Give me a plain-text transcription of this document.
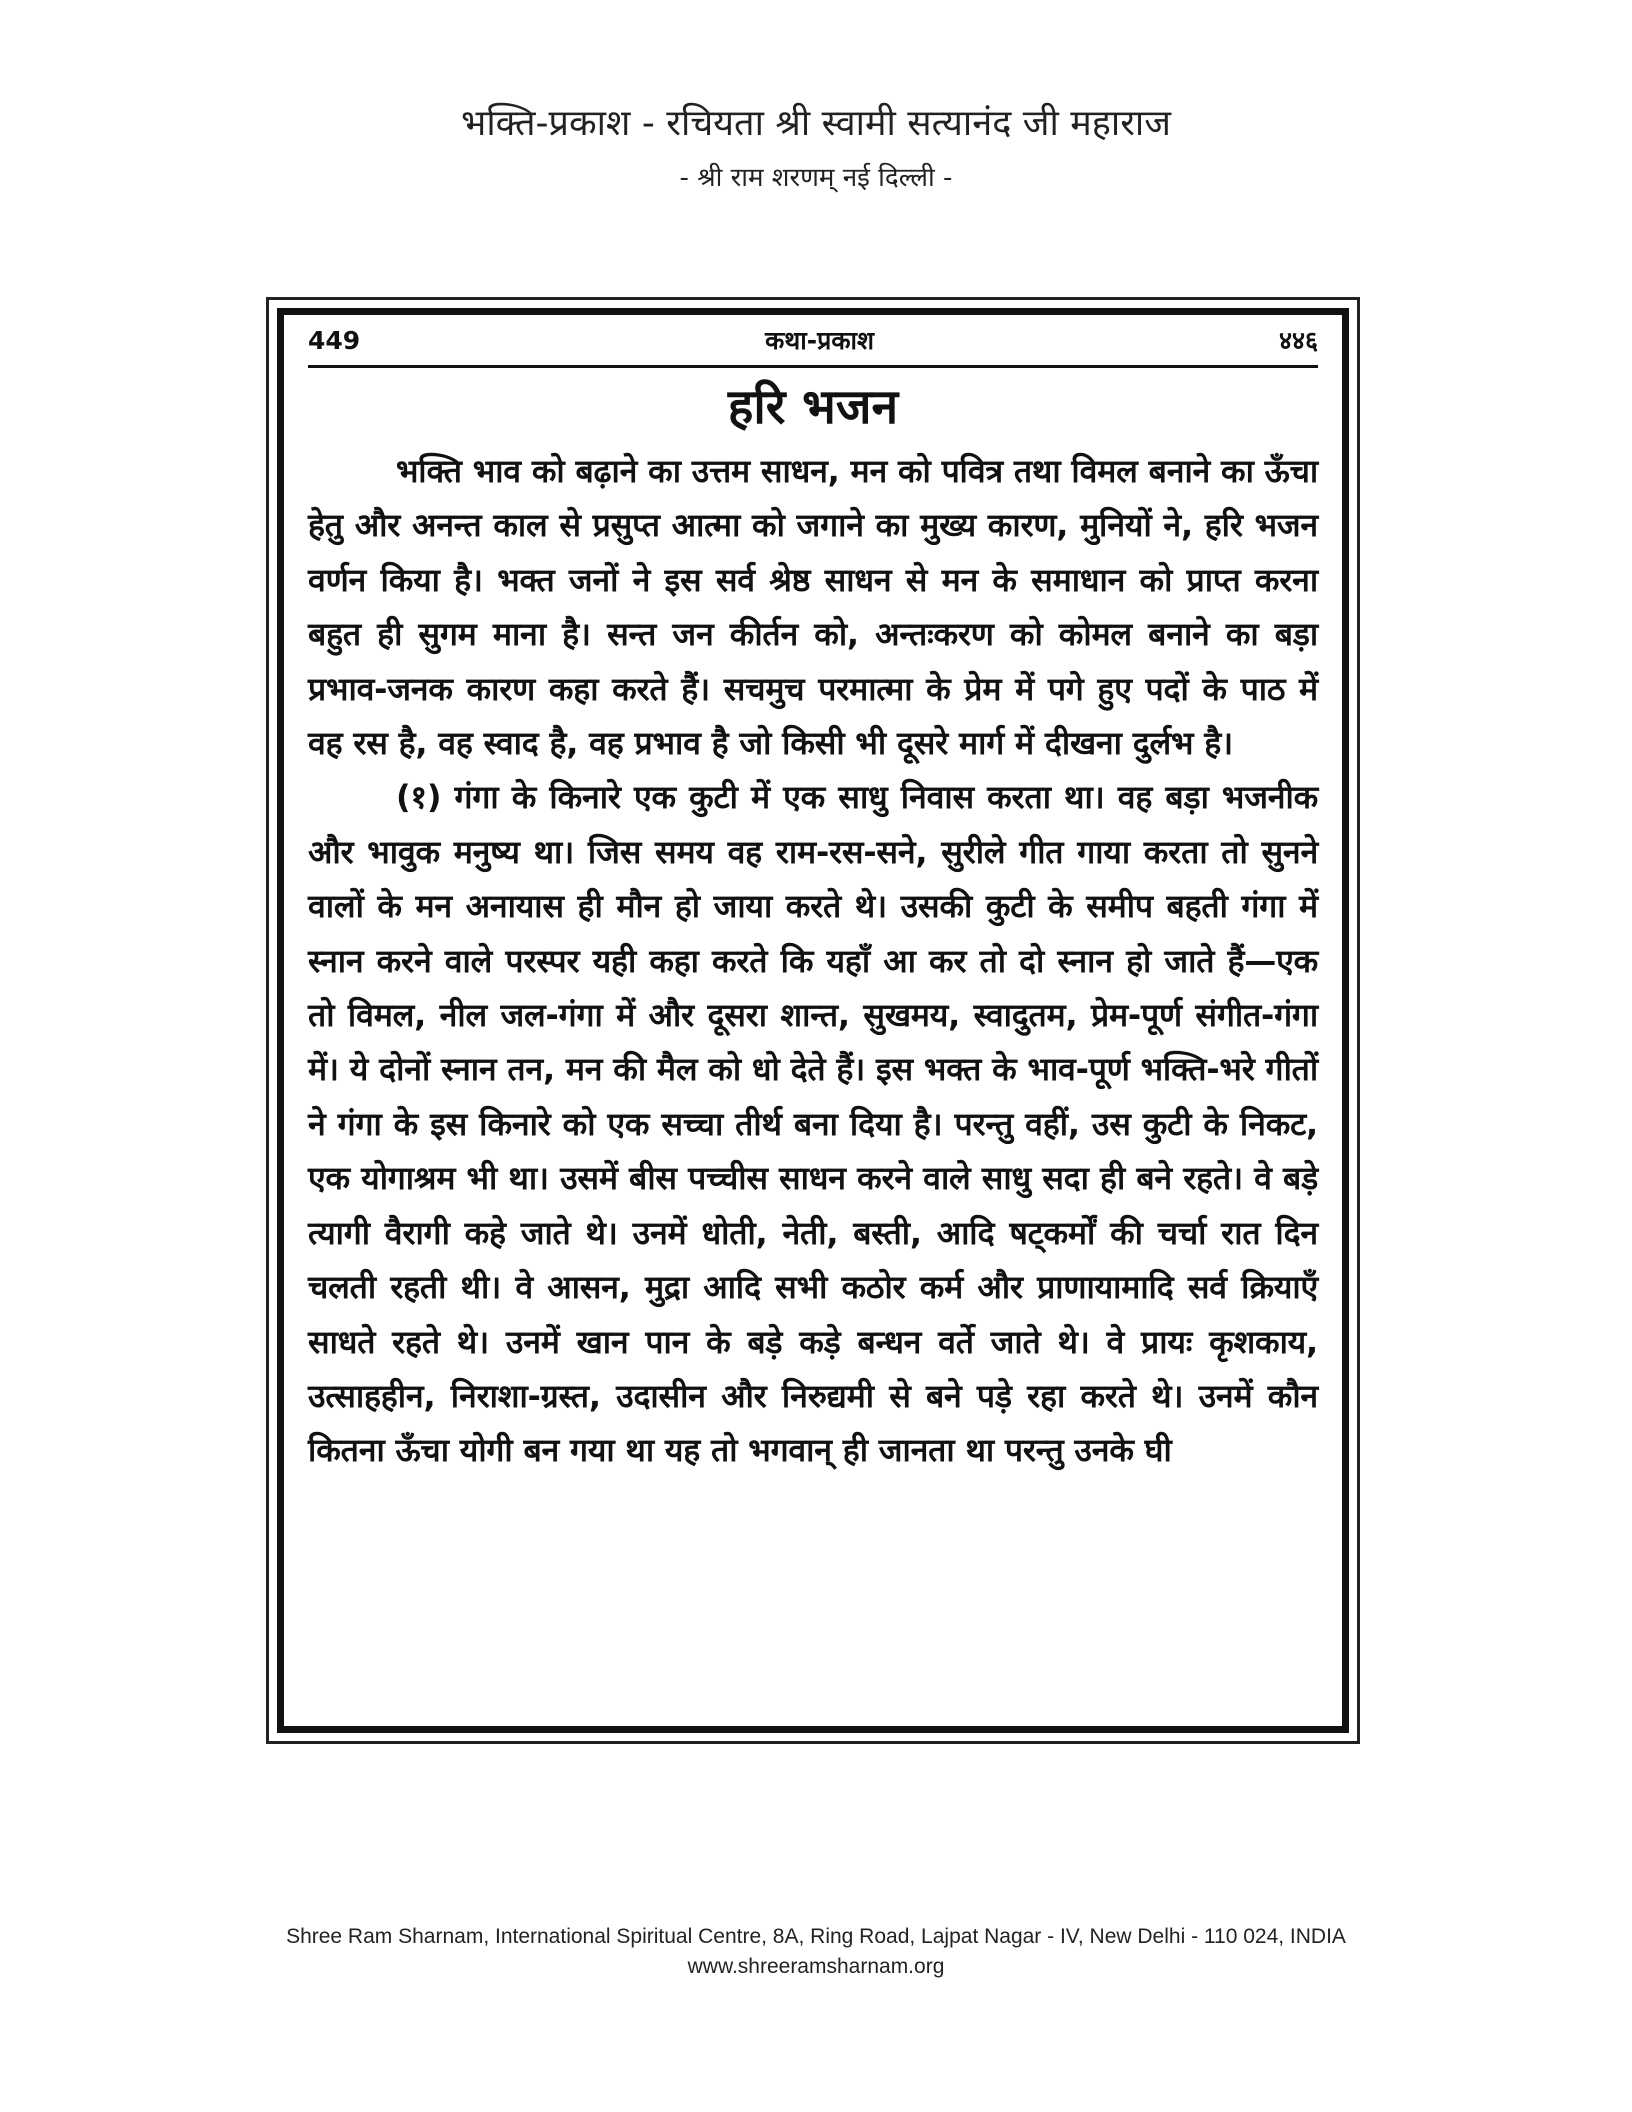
भक्ति-प्रकाश - रचियता श्री स्वामी सत्यानंद जी महाराज
- श्री राम शरणम् नई दिल्ली -
449	कथा-प्रकाश	४४६
हरि भजन

भक्ति भाव को बढ़ाने का उत्तम साधन, मन को पवित्र तथा विमल बनाने का ऊँचा हेतु और अनन्त काल से प्रसुप्त आत्मा को जगाने का मुख्य कारण, मुनियों ने, हरि भजन वर्णन किया है। भक्त जनों ने इस सर्व श्रेष्ठ साधन से मन के समाधान को प्राप्त करना बहुत ही सुगम माना है। सन्त जन कीर्तन को, अन्तःकरण को कोमल बनाने का बड़ा प्रभाव-जनक कारण कहा करते हैं। सचमुच परमात्मा के प्रेम में पगे हुए पदों के पाठ में वह रस है, वह स्वाद है, वह प्रभाव है जो किसी भी दूसरे मार्ग में दीखना दुर्लभ है।

(१) गंगा के किनारे एक कुटी में एक साधु निवास करता था। वह बड़ा भजनीक और भावुक मनुष्य था। जिस समय वह राम-रस-सने, सुरीले गीत गाया करता तो सुनने वालों के मन अनायास ही मौन हो जाया करते थे। उसकी कुटी के समीप बहती गंगा में स्नान करने वाले परस्पर यही कहा करते कि यहाँ आ कर तो दो स्नान हो जाते हैं—एक तो विमल, नील जल-गंगा में और दूसरा शान्त, सुखमय, स्वादुतम, प्रेम-पूर्ण संगीत-गंगा में। ये दोनों स्नान तन, मन की मैल को धो देते हैं। इस भक्त के भाव-पूर्ण भक्ति-भरे गीतों ने गंगा के इस किनारे को एक सच्चा तीर्थ बना दिया है। परन्तु वहीं, उस कुटी के निकट, एक योगाश्रम भी था। उसमें बीस पच्चीस साधन करने वाले साधु सदा ही बने रहते। वे बड़े त्यागी वैरागी कहे जाते थे। उनमें धोती, नेती, बस्ती, आदि षट्कर्मों की चर्चा रात दिन चलती रहती थी। वे आसन, मुद्रा आदि सभी कठोर कर्म और प्राणायामादि सर्व क्रियाएँ साधते रहते थे। उनमें खान पान के बड़े कड़े बन्धन वर्ते जाते थे। वे प्रायः कृशकाय, उत्साहहीन, निराशा-ग्रस्त, उदासीन और निरुद्यमी से बने पड़े रहा करते थे। उनमें कौन कितना ऊँचा योगी बन गया था यह तो भगवान् ही जानता था परन्तु उनके घी

Shree Ram Sharnam, International Spiritual Centre, 8A, Ring Road, Lajpat Nagar - IV, New Delhi - 110 024, INDIA
www.shreeramsharnam.org
